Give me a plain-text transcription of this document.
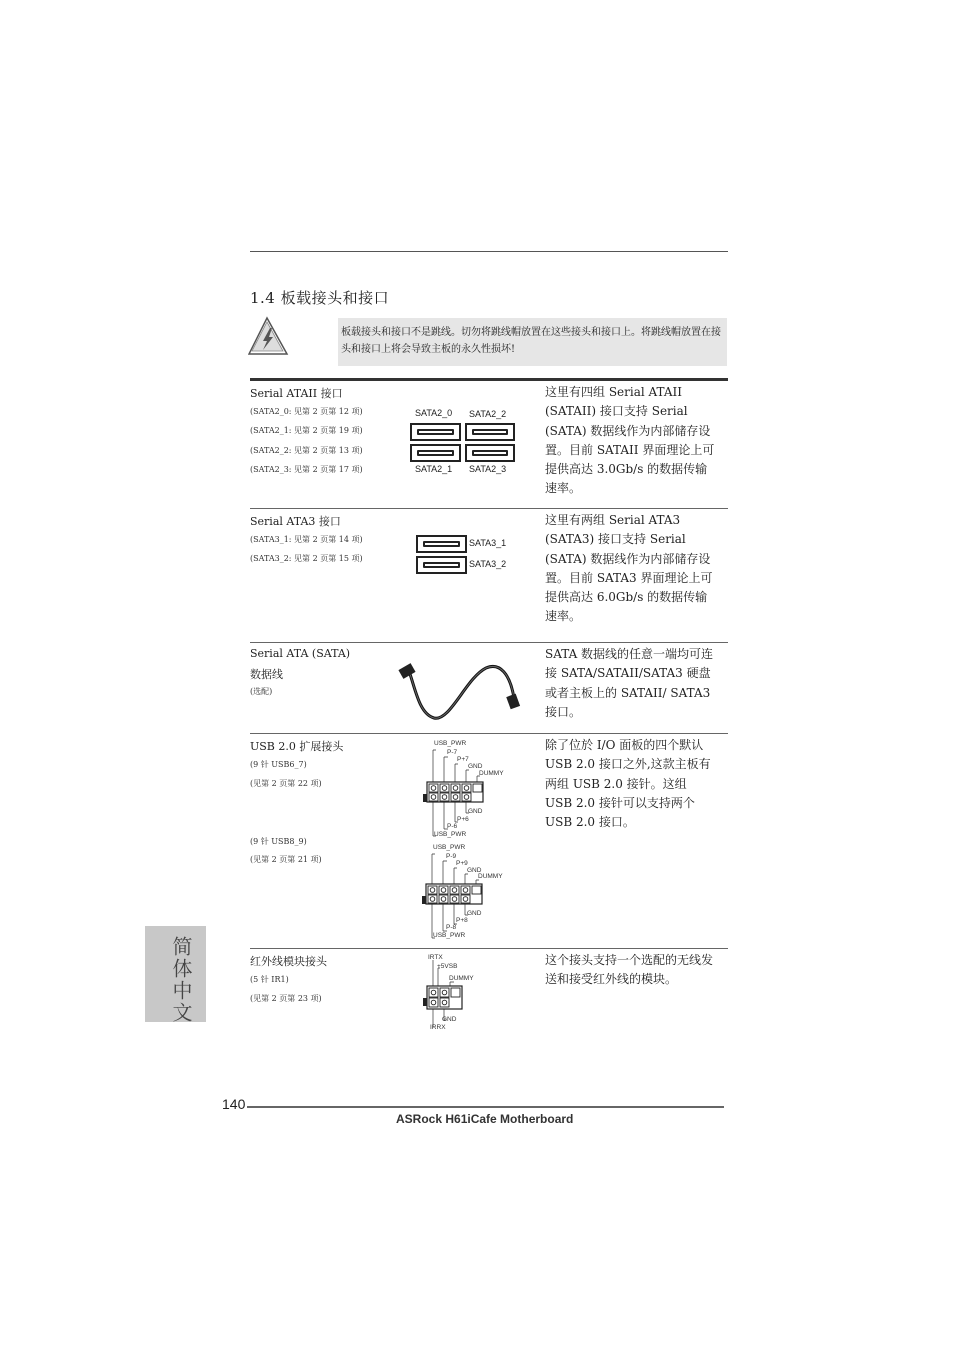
1.4 板载接头和接口
板载接头和接口不是跳线。切勿将跳线帽放置在这些接头和接口上。将跳线帽放置在接头和接口上将会导致主板的永久性损坏!
Serial ATAII 接口
(SATA2_0: 见第 2 页第 12 项)
(SATA2_1: 见第 2 页第 19 项)
(SATA2_2: 见第 2 页第 13 项)
(SATA2_3: 见第 2 页第 17 项)
SATA2_0 SATA2_2
SATA2_1 SATA2_3
这里有四组 Serial ATAII (SATAII) 接口支持 Serial (SATA) 数据线作为内部储存设置。目前 SATAII 界面理论上可提供高达 3.0Gb/s 的数据传输速率。
Serial ATA3 接口
(SATA3_1: 见第 2 页第 14 项)
(SATA3_2: 见第 2 页第 15 项)
SATA3_1
SATA3_2
这里有两组 Serial ATA3 (SATA3) 接口支持 Serial (SATA) 数据线作为内部储存设置。目前 SATA3 界面理论上可提供高达 6.0Gb/s 的数据传输速率。
Serial ATA (SATA)
数据线
(选配)
SATA 数据线的任意一端均可连接 SATA/SATAII/SATA3 硬盘或者主板上的 SATAII/ SATA3 接口。
USB 2.0 扩展接头
(9 针 USB6_7)
(见第 2 页第 22 项)
(9 针 USB8_9)
(见第 2 页第 21 项)
USB_PWR
P-7
P+7
GND
DUMMY
GND
P+6
P-6
USB_PWR
USB_PWR
P-9
P+9
GND
DUMMY
GND
P+8
P-8
USB_PWR
除了位於 I/O 面板的四个默认 USB 2.0 接口之外,这款主板有两组 USB 2.0 接针。这组 USB 2.0 接针可以支持两个 USB 2.0 接口。
红外线模块接头
(5 针 IR1)
(见第 2 页第 23 项)
IRTX
+5VSB
DUMMY
GND
IRRX
这个接头支持一个选配的无线发送和接受红外线的模块。
简体中文
140
ASRock H61iCafe Motherboard
